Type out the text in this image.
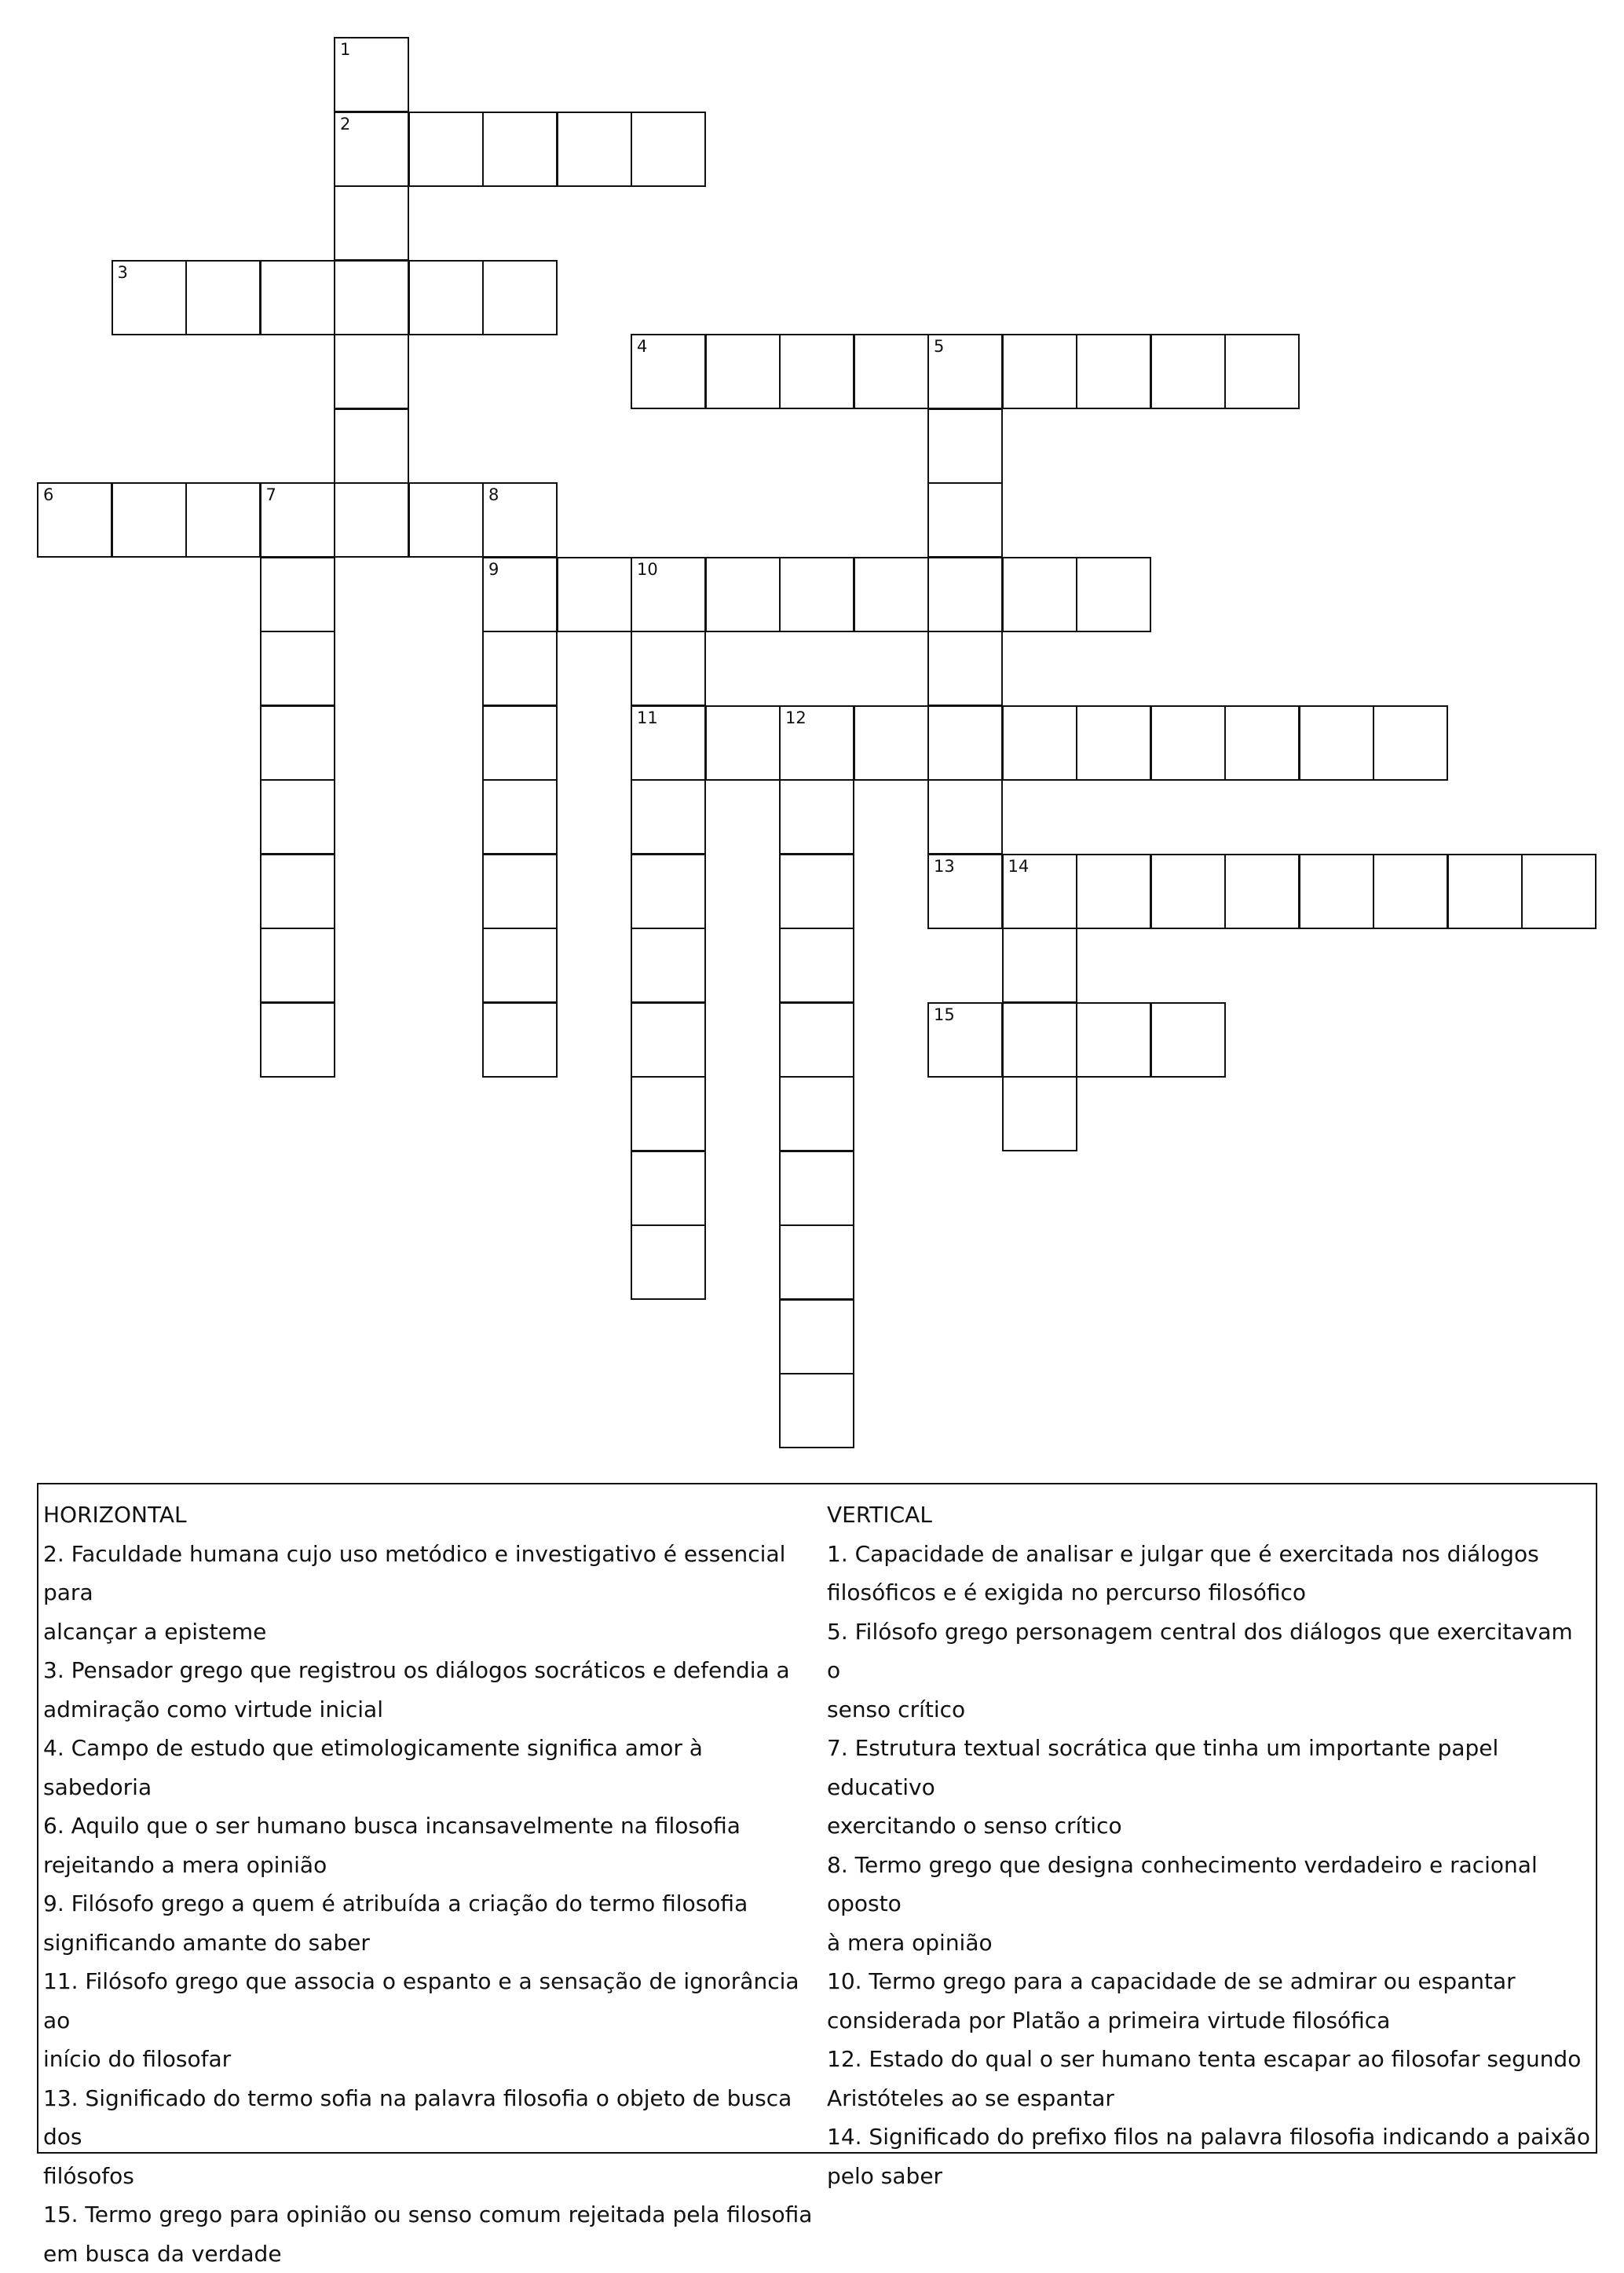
1
2
3
4	5
6	7	8
9	10
11	12
13	14
15
HORIZONTAL
2. Faculdade humana cujo uso metódico e investigativo é essencial para
alcançar a episteme
3. Pensador grego que registrou os diálogos socráticos e defendia a
admiração como virtude inicial
4. Campo de estudo que etimologicamente significa amor à sabedoria
6. Aquilo que o ser humano busca incansavelmente na filosofia
rejeitando a mera opinião
9. Filósofo grego a quem é atribuída a criação do termo filosofia
significando amante do saber
11. Filósofo grego que associa o espanto e a sensação de ignorância ao
início do filosofar
13. Significado do termo sofia na palavra filosofia o objeto de busca dos
filósofos
15. Termo grego para opinião ou senso comum rejeitada pela filosofia
em busca da verdade
VERTICAL
1. Capacidade de analisar e julgar que é exercitada nos diálogos
filosóficos e é exigida no percurso filosófico
5. Filósofo grego personagem central dos diálogos que exercitavam o
senso crítico
7. Estrutura textual socrática que tinha um importante papel educativo
exercitando o senso crítico
8. Termo grego que designa conhecimento verdadeiro e racional oposto
à mera opinião
10. Termo grego para a capacidade de se admirar ou espantar
considerada por Platão a primeira virtude filosófica
12. Estado do qual o ser humano tenta escapar ao filosofar segundo
Aristóteles ao se espantar
14. Significado do prefixo filos na palavra filosofia indicando a paixão
pelo saber
